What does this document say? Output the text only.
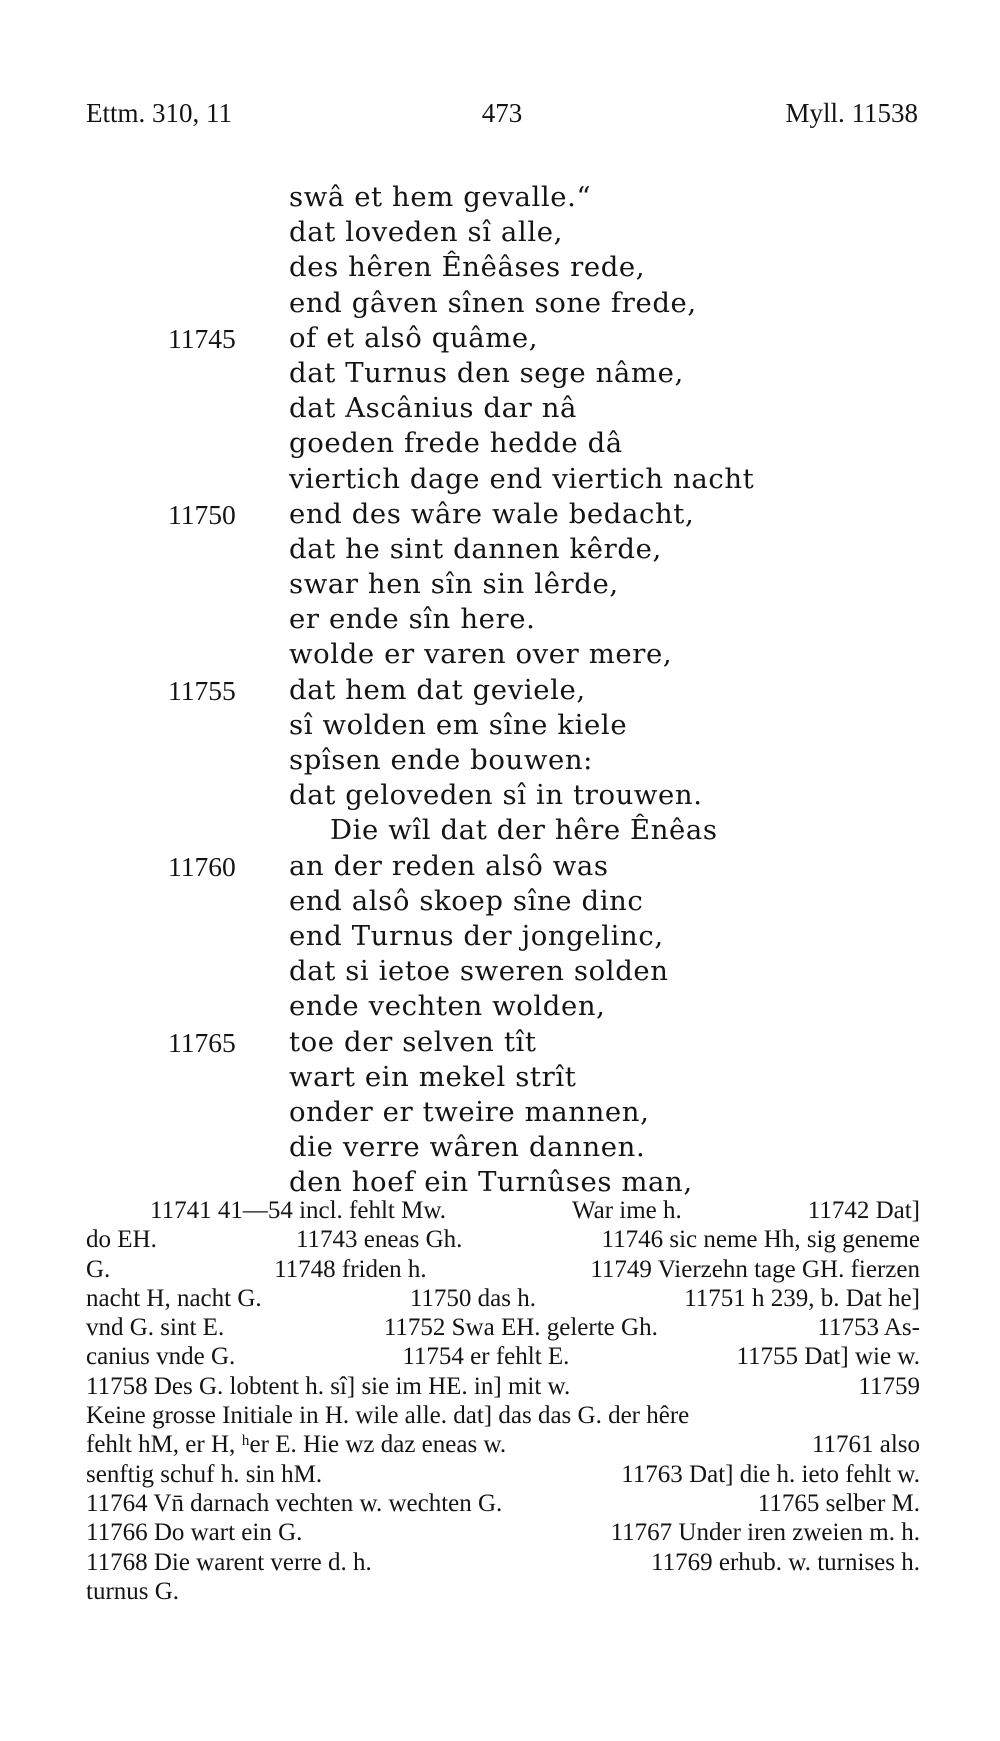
Ettm. 310, 11	473	Myll. 11538
swâ et hem gevalle.“
dat loveden sî alle,
des hêren Ênêâses rede,
end gâven sînen sone frede,
11745	of et alsô quâme,
dat Turnus den sege nâme,
dat Ascânius dar nâ
goeden frede hedde dâ
viertich dage end viertich nacht
11750	end des wâre wale bedacht,
dat he sint dannen kêrde,
swar hen sîn sin lêrde,
er ende sîn here.
wolde er varen over mere,
11755	dat hem dat geviele,
sî wolden em sîne kiele
spîsen ende bouwen:
dat geloveden sî in trouwen.
Die wîl dat der hêre Ênêas
11760	an der reden alsô was
end alsô skoep sîne dinc
end Turnus der jongelinc,
dat si ietoe sweren solden
ende vechten wolden,
11765	toe der selven tît
wart ein mekel strît
onder er tweire mannen,
die verre wâren dannen.
den hoef ein Turnûses man,
11741 41—54 incl. fehlt Mw.	War ime h.	11742 Dat]
do EH.	11743 eneas Gh.	11746 sic neme Hh, sig geneme
G.	11748 friden h.	11749 Vierzehn tage GH. fierzen
nacht H, nacht G.	11750 das h.	11751 h 239, b. Dat he]
vnd G. sint E.	11752 Swa EH. gelerte Gh.	11753 As-
canius vnde G.	11754 er fehlt E.	11755 Dat] wie w.
11758 Des G. lobtent h. sî] sie im HE. in] mit w.	11759
Keine grosse Initiale in H. wile alle. dat] das das G. der hêre
fehlt hM, er H, ʰer E. Hie wz daz eneas w.	11761 also
senftig schuf h. sin hM.	11763 Dat] die h. ieto fehlt w.
11764 Vn̄ darnach vechten w. wechten G.	11765 selber M.
11766 Do wart ein G.	11767 Under iren zweien m. h.
11768 Die warent verre d. h.	11769 erhub. w. turnises h.
turnus G.
